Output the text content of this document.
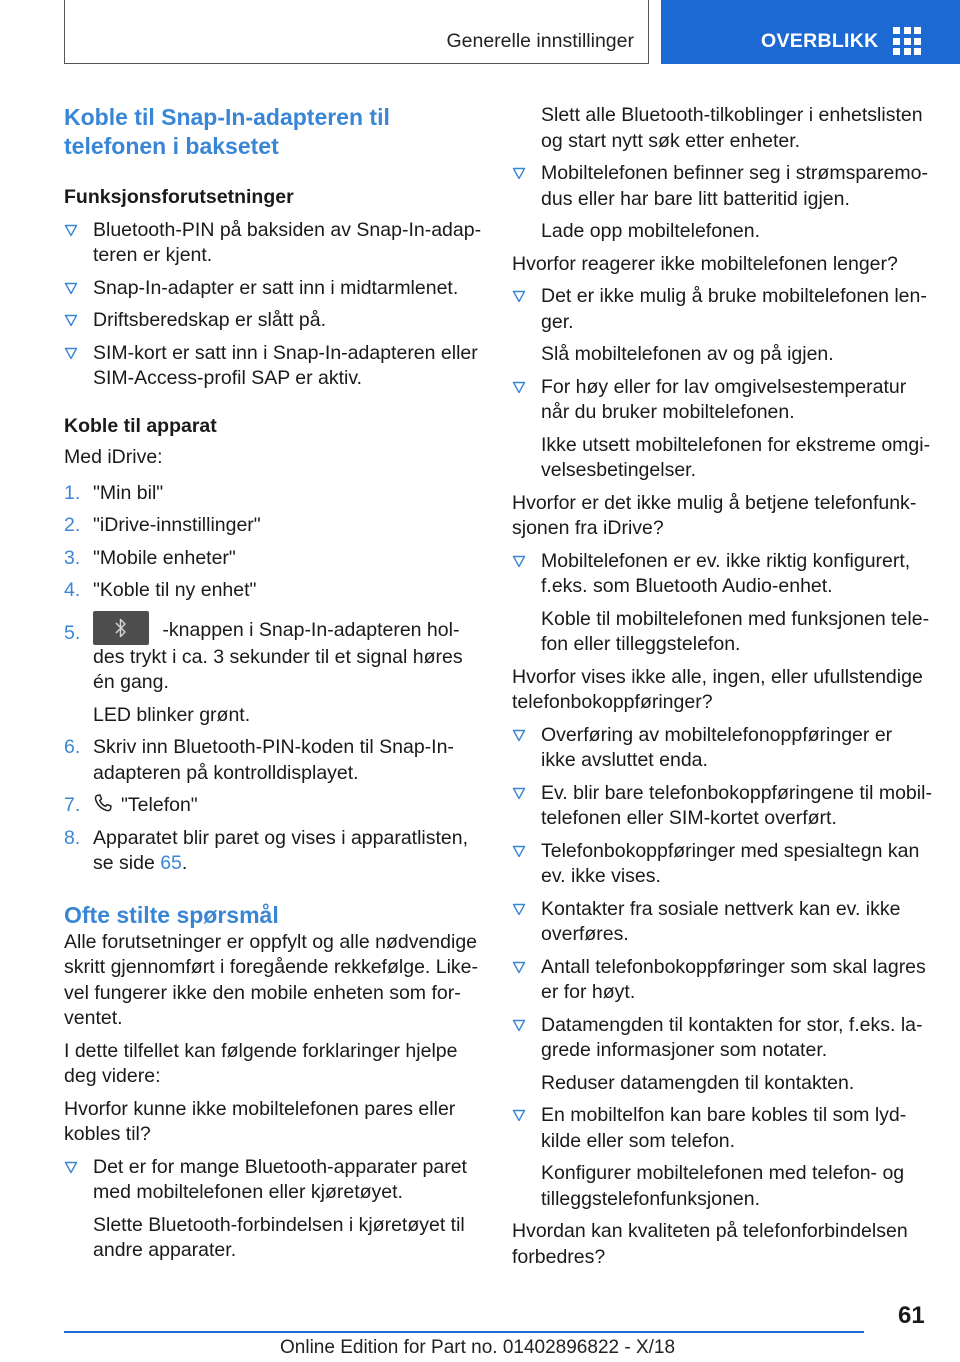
Generelle innstillinger	OVERBLIKK
Koble til Snap-In-adapteren til telefonen i baksetet
Funksjonsforutsetninger
Bluetooth-PIN på baksiden av Snap-In-adapteren er kjent.
Snap-In-adapter er satt inn i midtarmlenet.
Driftsberedskap er slått på.
SIM-kort er satt inn i Snap-In-adapteren eller SIM-Access-profil SAP er aktiv.
Koble til apparat
Med iDrive:
1. "Min bil"
2. "iDrive-innstillinger"
3. "Mobile enheter"
4. "Koble til ny enhet"
5.	-knappen i Snap-In-adapteren holdes trykt i ca. 3 sekunder til et signal høres én gang.
LED blinker grønt.
6. Skriv inn Bluetooth-PIN-koden til Snap-In-adapteren på kontrolldisplayet.
7.	"Telefon"
8. Apparatet blir paret og vises i apparatlisten, se side 65.
Ofte stilte spørsmål
Alle forutsetninger er oppfylt og alle nødvendige skritt gjennomført i foregående rekkefølge. Likevel fungerer ikke den mobile enheten som forventet.
I dette tilfellet kan følgende forklaringer hjelpe deg videre:
Hvorfor kunne ikke mobiltelefonen pares eller kobles til?
Det er for mange Bluetooth-apparater paret med mobiltelefonen eller kjøretøyet.
Slette Bluetooth-forbindelsen i kjøretøyet til andre apparater.
Slett alle Bluetooth-tilkoblinger i enhetslisten og start nytt søk etter enheter.
Mobiltelefonen befinner seg i strømsparemodus eller har bare litt batteritid igjen.
Lade opp mobiltelefonen.
Hvorfor reagerer ikke mobiltelefonen lenger?
Det er ikke mulig å bruke mobiltelefonen lenger.
Slå mobiltelefonen av og på igjen.
For høy eller for lav omgivelsestemperatur når du bruker mobiltelefonen.
Ikke utsett mobiltelefonen for ekstreme omgivelsesbetingelser.
Hvorfor er det ikke mulig å betjene telefonfunksjonen fra iDrive?
Mobiltelefonen er ev. ikke riktig konfigurert, f.eks. som Bluetooth Audio-enhet.
Koble til mobiltelefonen med funksjonen telefon eller tilleggstelefon.
Hvorfor vises ikke alle, ingen, eller ufullstendige telefonbokoppføringer?
Overføring av mobiltelefonoppføringer er ikke avsluttet enda.
Ev. blir bare telefonbokoppføringene til mobiltelefonen eller SIM-kortet overført.
Telefonbokoppføringer med spesialtegn kan ev. ikke vises.
Kontakter fra sosiale nettverk kan ev. ikke overføres.
Antall telefonbokoppføringer som skal lagres er for høyt.
Datamengden til kontakten for stor, f.eks. lagrede informasjoner som notater.
Reduser datamengden til kontakten.
En mobiltelfon kan bare kobles til som lydkilde eller som telefon.
Konfigurer mobiltelefonen med telefon- og tilleggstelefonfunksjonen.
Hvordan kan kvaliteten på telefonforbindelsen forbedres?
61
Online Edition for Part no. 01402896822 - X/18
